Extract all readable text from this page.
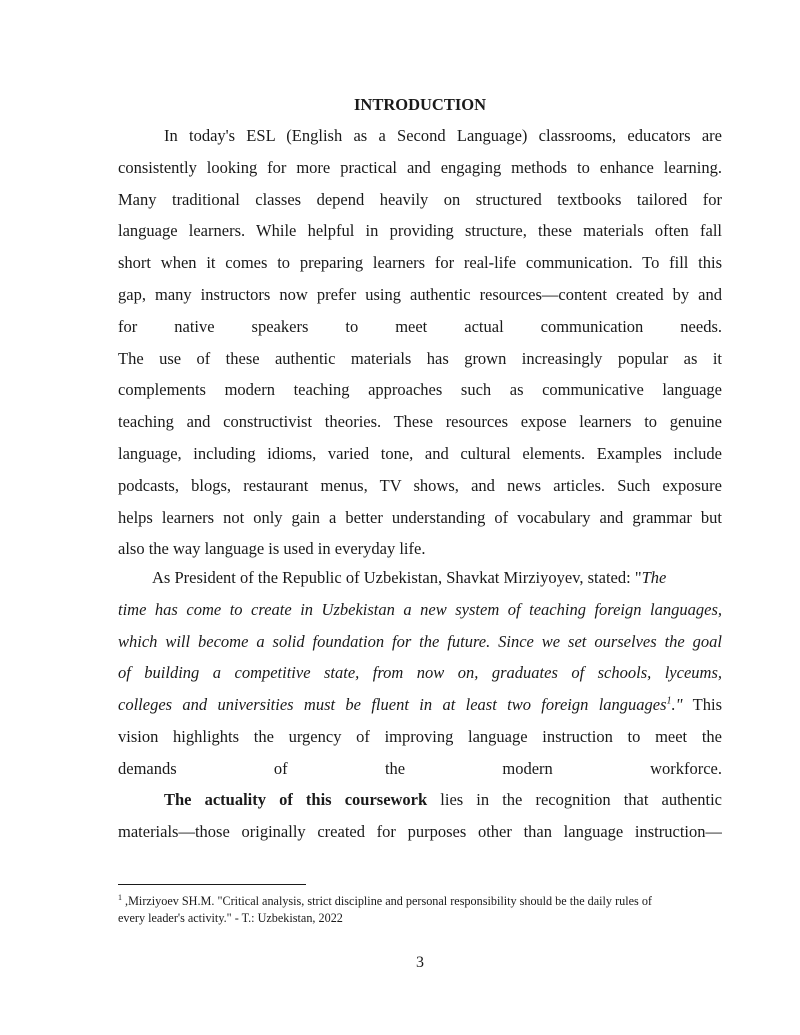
INTRODUCTION
In today's ESL (English as a Second Language) classrooms, educators are
consistently looking for more practical and engaging methods to enhance learning.
Many traditional classes depend heavily on structured textbooks tailored for
language learners. While helpful in providing structure, these materials often fall
short when it comes to preparing learners for real-life communication. To fill this
gap, many instructors now prefer using authentic resources—content created by and
for native speakers to meet actual communication needs.
The use of these authentic materials has grown increasingly popular as it
complements modern teaching approaches such as communicative language
teaching and constructivist theories. These resources expose learners to genuine
language, including idioms, varied tone, and cultural elements. Examples include
podcasts, blogs, restaurant menus, TV shows, and news articles. Such exposure
helps learners not only gain a better understanding of vocabulary and grammar but
also the way language is used in everyday life.
As President of the Republic of Uzbekistan, Shavkat Mirziyoyev, stated: "The
time has come to create in Uzbekistan a new system of teaching foreign languages,
which will become a solid foundation for the future. Since we set ourselves the goal
of building a competitive state, from now on, graduates of schools, lyceums,
colleges and universities must be fluent in at least two foreign languages$^1$." This
vision highlights the urgency of improving language instruction to meet the
demands of the modern workforce.
The actuality of this coursework lies in the recognition that authentic
materials—those originally created for purposes other than language instruction—
$^1$ ,Mirziyoev SH.M. "Critical analysis, strict discipline and personal responsibility should be the daily rules of
every leader's activity." - T.: Uzbekistan, 2022
3
